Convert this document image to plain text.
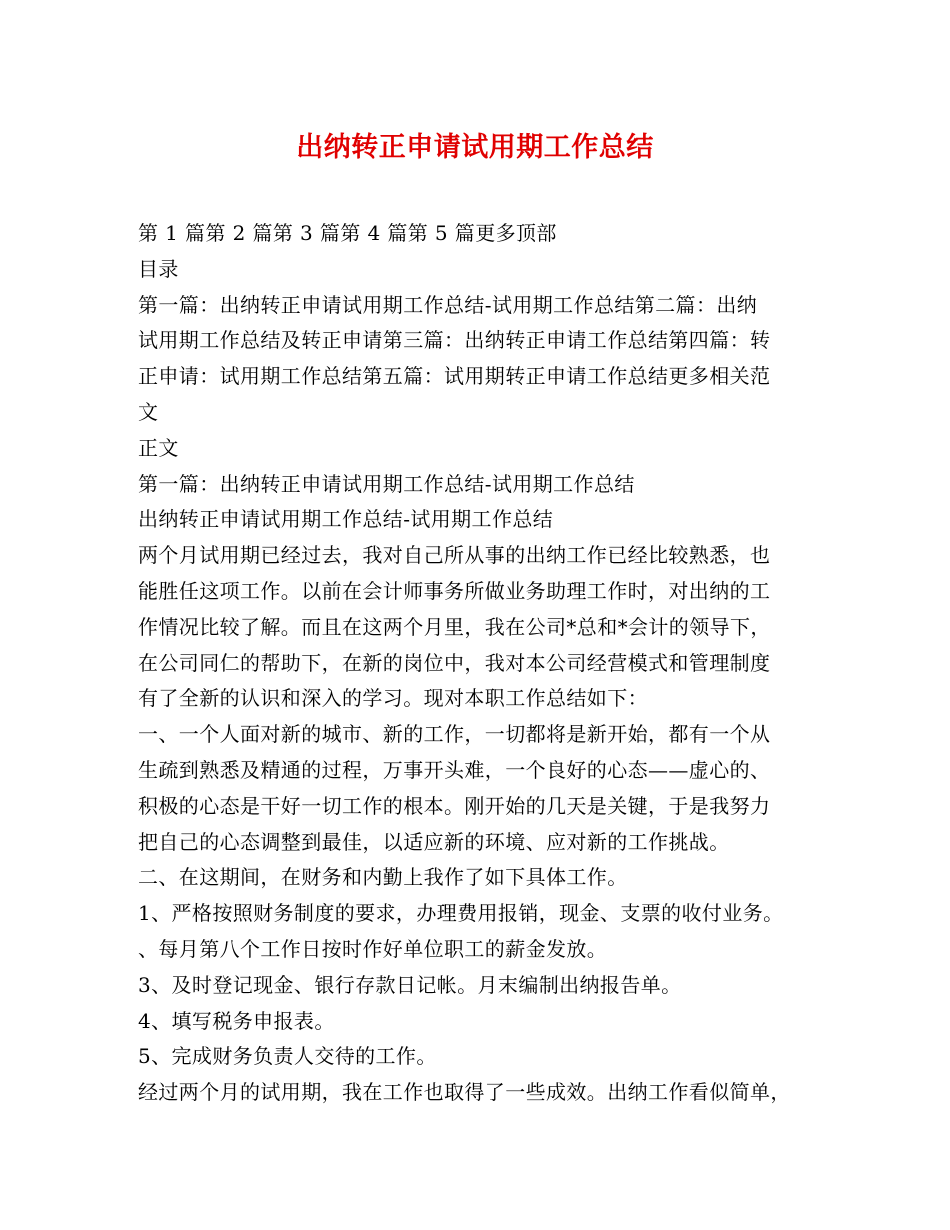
出纳转正申请试用期工作总结
第 1 篇第 2 篇第 3 篇第 4 篇第 5 篇更多顶部
目录
第一篇：出纳转正申请试用期工作总结-试用期工作总结第二篇：出纳
试用期工作总结及转正申请第三篇：出纳转正申请工作总结第四篇：转
正申请：试用期工作总结第五篇：试用期转正申请工作总结更多相关范
文
正文
第一篇：出纳转正申请试用期工作总结-试用期工作总结
出纳转正申请试用期工作总结-试用期工作总结
两个月试用期已经过去，我对自己所从事的出纳工作已经比较熟悉，也
能胜任这项工作。以前在会计师事务所做业务助理工作时，对出纳的工
作情况比较了解。而且在这两个月里，我在公司*总和*会计的领导下，
在公司同仁的帮助下，在新的岗位中，我对本公司经营模式和管理制度
有了全新的认识和深入的学习。现对本职工作总结如下：
一、一个人面对新的城市、新的工作，一切都将是新开始，都有一个从
生疏到熟悉及精通的过程，万事开头难，一个良好的心态——虚心的、
积极的心态是干好一切工作的根本。刚开始的几天是关键，于是我努力
把自己的心态调整到最佳，以适应新的环境、应对新的工作挑战。
二、在这期间，在财务和内勤上我作了如下具体工作。
1、严格按照财务制度的要求，办理费用报销，现金、支票的收付业务。
、每月第八个工作日按时作好单位职工的薪金发放。
3、及时登记现金、银行存款日记帐。月末编制出纳报告单。
4、填写税务申报表。
5、完成财务负责人交待的工作。
经过两个月的试用期，我在工作也取得了一些成效。出纳工作看似简单，
